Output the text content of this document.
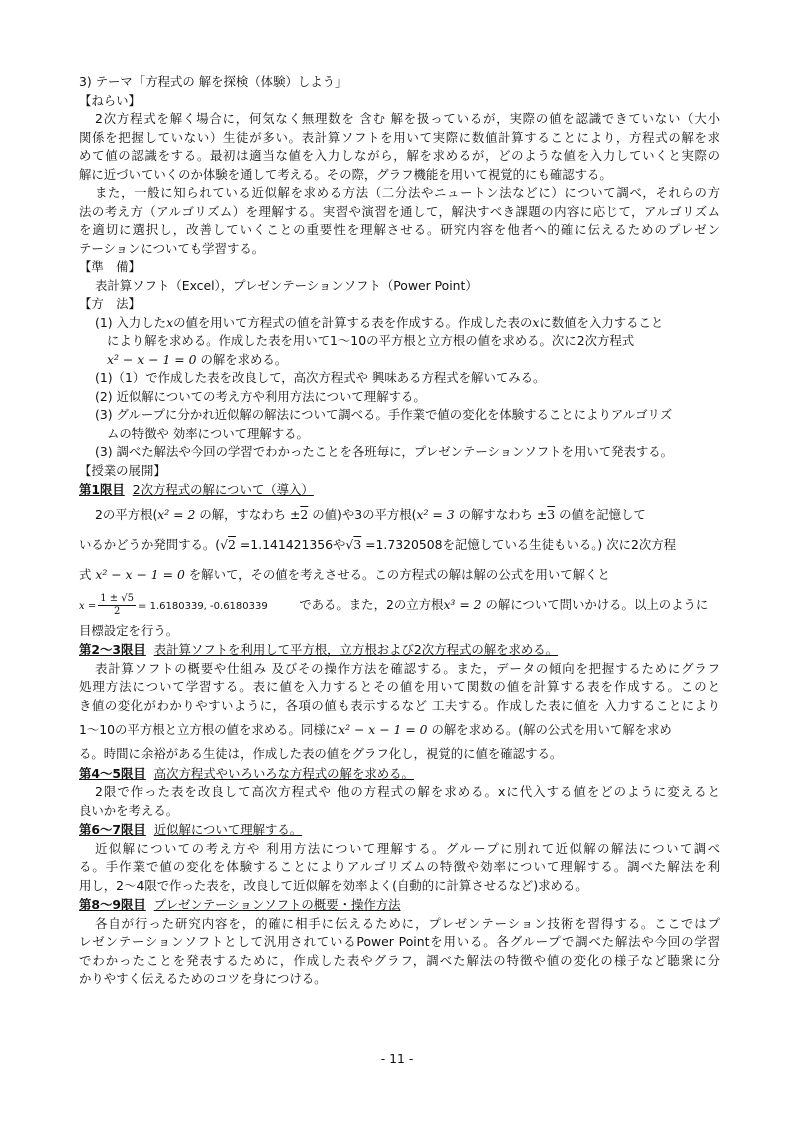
3) テーマ「方程式の 解を探検（体験）しよう」
【ねらい】
2次方程式を解く場合に，何気なく無理数を 含む 解を扱っているが，実際の値を認識できていない（大小
関係を把握していない）生徒が多い。表計算ソフトを用いて実際に数値計算することにより，方程式の解を求
めて値の認識をする。最初は適当な値を入力しながら，解を求めるが，どのような値を入力していくと実際の
解に近づいていくのか体験を通して考える。その際，グラフ機能を用いて視覚的にも確認する。
また，一般に知られている近似解を求める方法（二分法やニュートン法などに）について調べ，それらの方
法の考え方（アルゴリズム）を理解する。実習や演習を通して，解決すべき課題の内容に応じて，アルゴリズム
を適切に選択し，改善していくことの重要性を理解させる。研究内容を他者へ的確に伝えるためのプレゼン
テーションについても学習する。
【準　備】
表計算ソフト（Excel），プレゼンテーションソフト（Power Point）
【方　法】
(1) 入力したxの値を用いて方程式の値を計算する表を作成する。作成した表のxに数値を入力すること
により解を求める。作成した表を用いて1～10の平方根と立方根の値を求める。次に2次方程式
x² − x − 1 = 0 の解を求める。
(1)（1）で作成した表を改良して，高次方程式や 興味ある方程式を解いてみる。
(2) 近似解についての考え方や利用方法について理解する。
(3) グループに分かれ近似解の解法について調べる。手作業で値の変化を体験することによりアルゴリズ
ムの特徴や 効率について理解する。
(3) 調べた解法や今回の学習でわかったことを各班毎に，プレゼンテーションソフトを用いて発表する。
【授業の展開】
第1限目 2次方程式の解について（導入）
2の平方根(x² = 2 の解，すなわち ±2 の値)や3の平方根(x² = 3 の解すなわち ±3 の値を記憶して
いるかどうか発問する。(√2 =1.141421356や√3 =1.7320508を記憶している生徒もいる。) 次に2次方程
式 x² − x − 1 = 0 を解いて，その値を考えさせる。この方程式の解は解の公式を用いて解くと
$x = \frac{1 \pm √5}{2} = 1.6180339$, -0.6180339	である。また，2の立方根x³ = 2 の解について問いかける。以上のように
目標設定を行う。
第2～3限目 表計算ソフトを利用して平方根，立方根および2次方程式の解を求める。
表計算ソフトの概要や仕組み 及びその操作方法を確認する。また，データの傾向を把握するためにグラフ
処理方法について学習する。表に値を入力するとその値を用いて関数の値を計算する表を作成する。このと
き値の変化がわかりやすいように，各項の値も表示するなど 工夫する。作成した表に値を 入力することにより
1～10の平方根と立方根の値を求める。同様にx² − x − 1 = 0 の解を求める。(解の公式を用いて解を求め
る。時間に余裕がある生徒は，作成した表の値をグラフ化し，視覚的に値を確認する。
第4～5限目 高次方程式やいろいろな方程式の解を求める。
2限で作った表を改良して高次方程式や 他の方程式の解を求める。xに代入する値をどのように変えると
良いかを考える。
第6～7限目 近似解について理解する。
近似解についての考え方や 利用方法について理解する。グループに別れて近似解の解法について調べ
る。手作業で値の変化を体験することによりアルゴリズムの特徴や効率について理解する。調べた解法を利
用し，2～4限で作った表を，改良して近似解を効率よく(自動的に計算させるなど)求める。
第8～9限目 プレゼンテーションソフトの概要・操作方法
各自が行った研究内容を，的確に相手に伝えるために，プレゼンテーション技術を習得する。ここではプ
レゼンテーションソフトとして汎用されているPower Pointを用いる。各グループで調べた解法や今回の学習
でわかったことを発表するために，作成した表やグラフ，調べた解法の特徴や値の変化の様子など聴衆に分
かりやすく伝えるためのコツを身につける。
- 11 -
